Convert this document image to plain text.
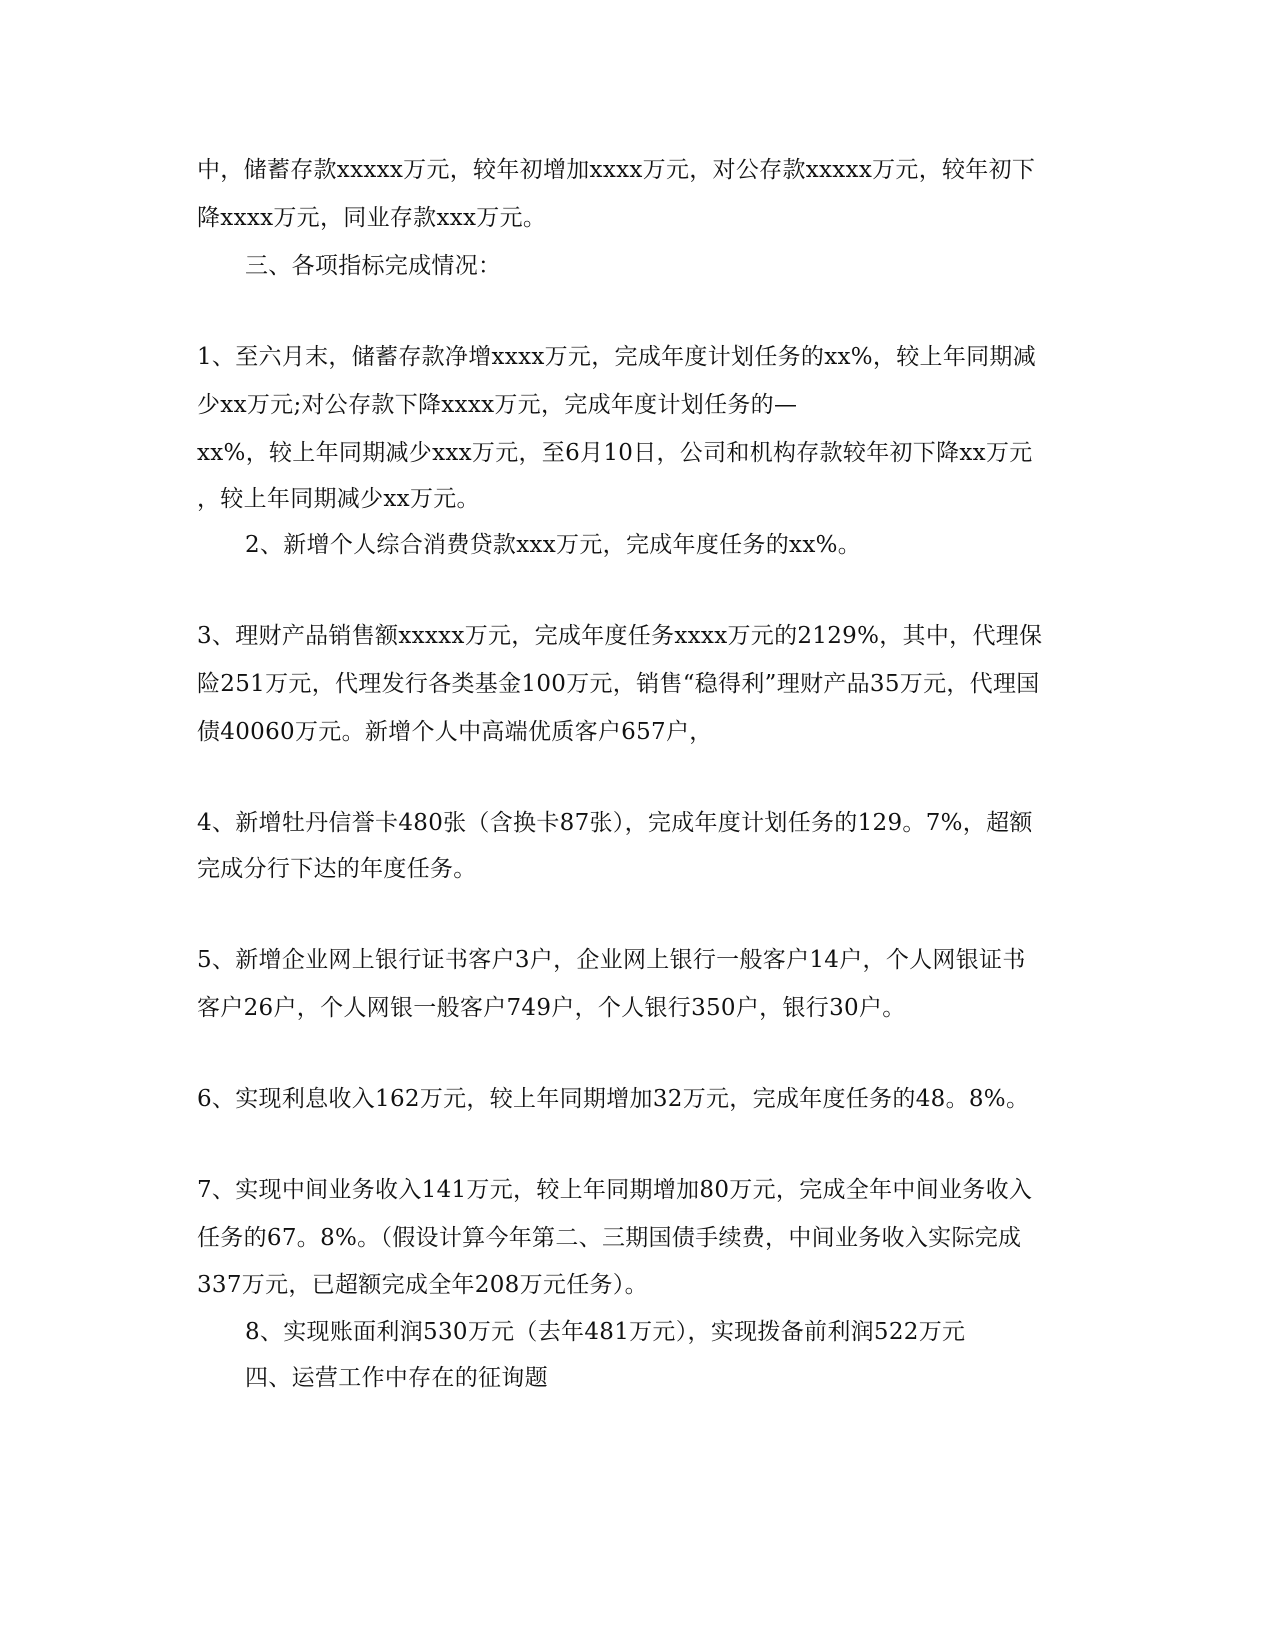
中，储蓄存款xxxxx万元，较年初增加xxxx万元，对公存款xxxxx万元，较年初下
降xxxx万元，同业存款xxx万元。
三、各项指标完成情况：
1、至六月末，储蓄存款净增xxxx万元，完成年度计划任务的xx%，较上年同期减
少xx万元;对公存款下降xxxx万元，完成年度计划任务的—
xx%，较上年同期减少xxx万元，至6月10日，公司和机构存款较年初下降xx万元
，较上年同期减少xx万元。
2、新增个人综合消费贷款xxx万元，完成年度任务的xx%。
3、理财产品销售额xxxxx万元，完成年度任务xxxx万元的2129%，其中，代理保
险251万元，代理发行各类基金100万元，销售“稳得利”理财产品35万元，代理国
债40060万元。新增个人中高端优质客户657户，
4、新增牡丹信誉卡480张（含换卡87张），完成年度计划任务的129。7%，超额
完成分行下达的年度任务。
5、新增企业网上银行证书客户3户，企业网上银行一般客户14户，个人网银证书
客户26户，个人网银一般客户749户，个人银行350户，银行30户。
6、实现利息收入162万元，较上年同期增加32万元，完成年度任务的48。8%。
7、实现中间业务收入141万元，较上年同期增加80万元，完成全年中间业务收入
任务的67。8%。（假设计算今年第二、三期国债手续费，中间业务收入实际完成
337万元，已超额完成全年208万元任务）。
8、实现账面利润530万元（去年481万元），实现拨备前利润522万元
四、运营工作中存在的征询题
